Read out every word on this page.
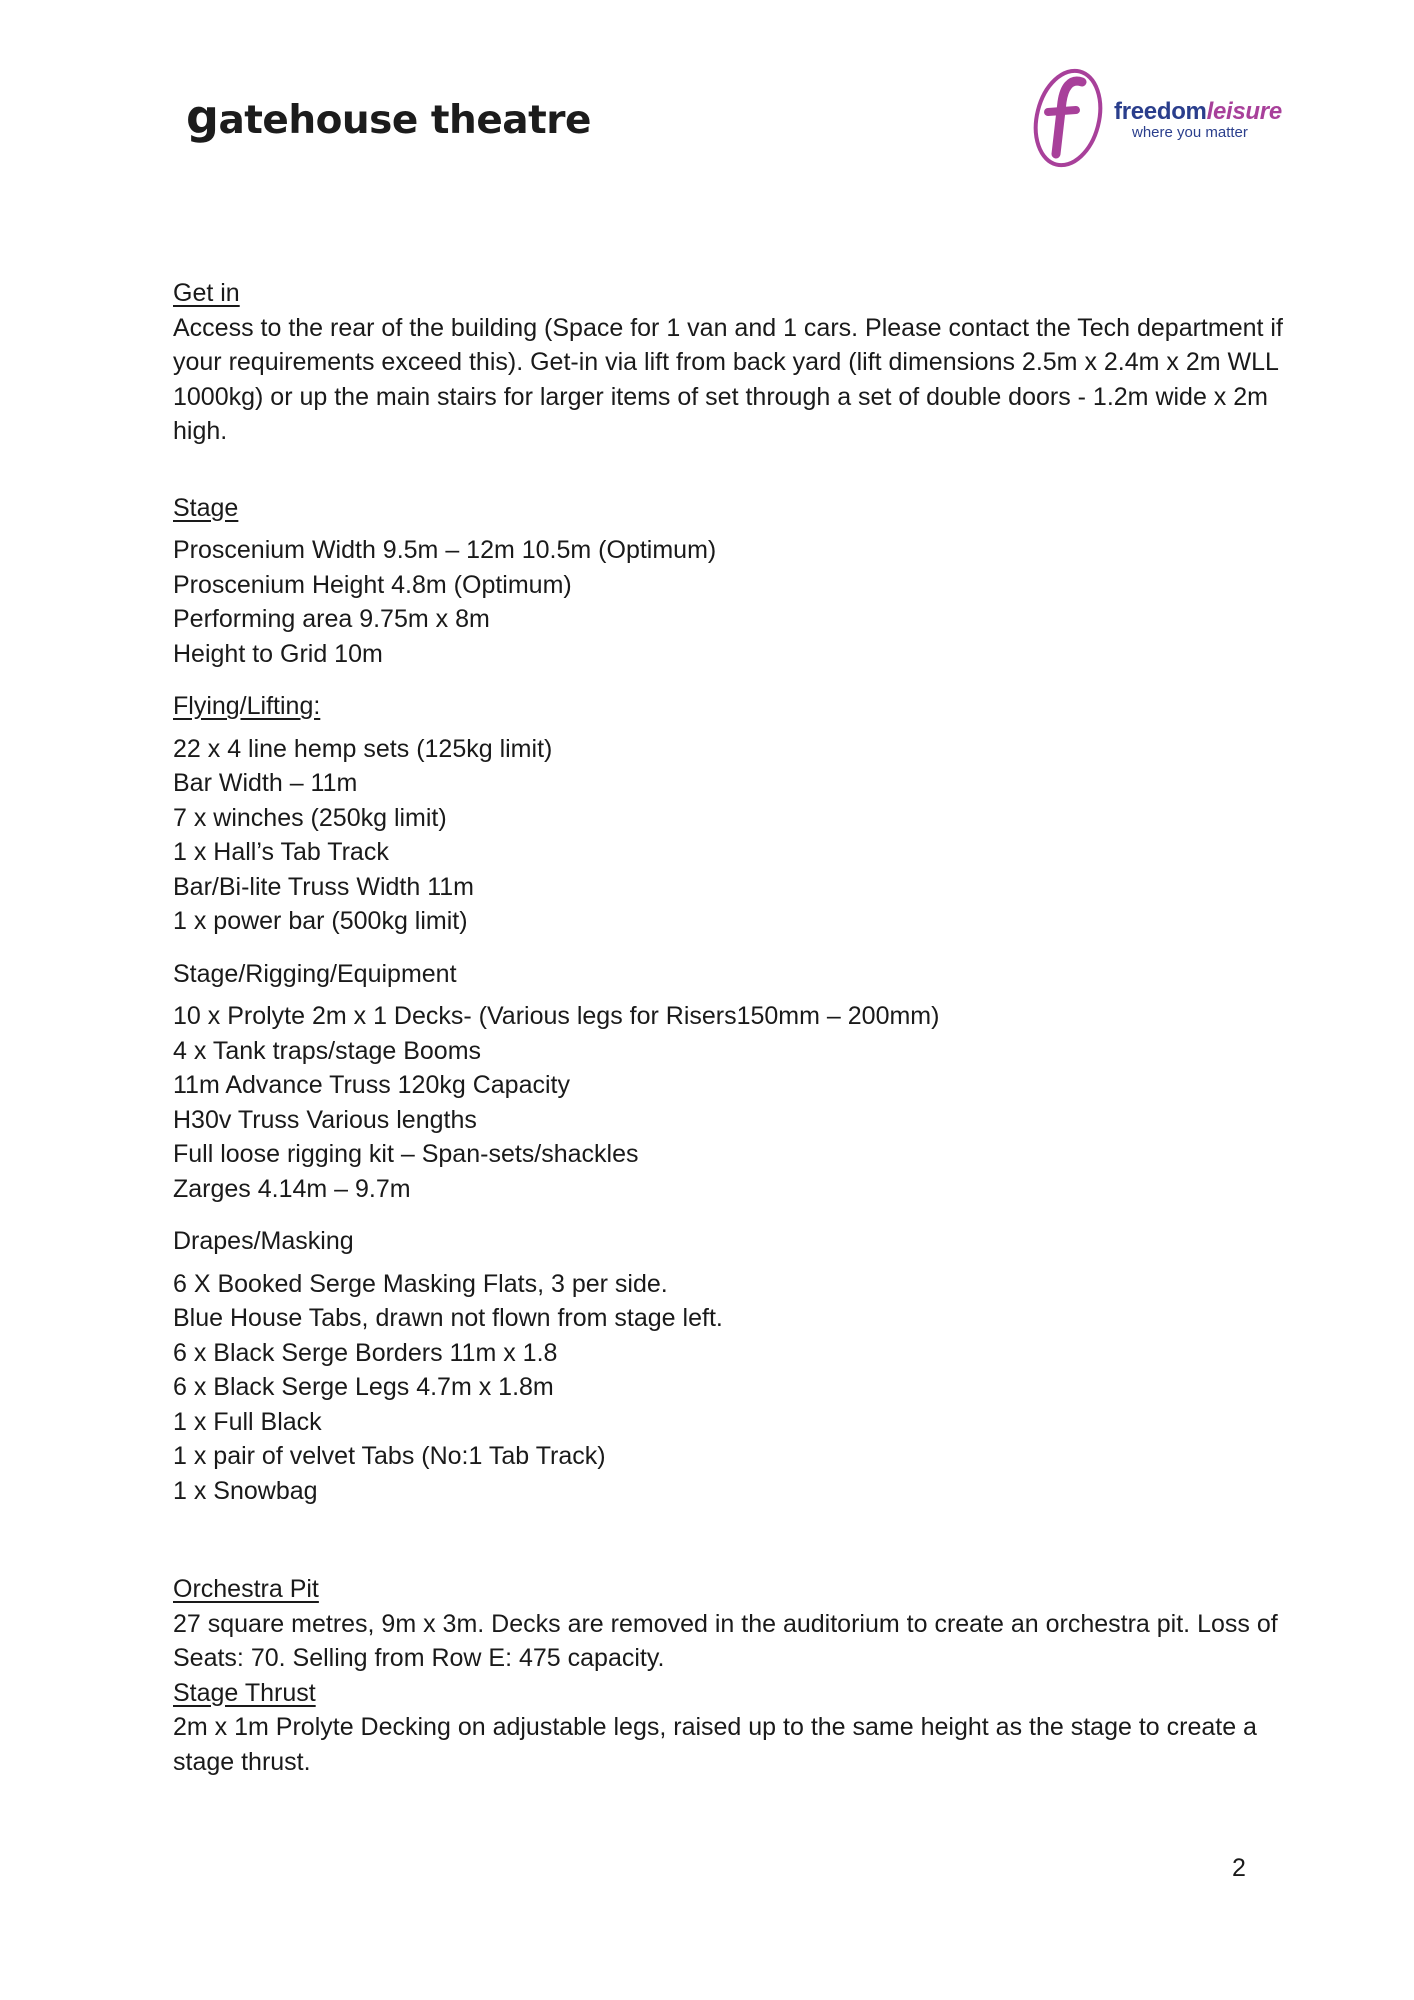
gatehouse theatre	freedomleisure
where you matter
Get in

Access to the rear of the building (Space for 1 van and 1 cars. Please contact the Tech department if your requirements exceed this). Get-in via lift from back yard (lift dimensions 2.5m x 2.4m x 2m WLL 1000kg) or up the main stairs for larger items of set through a set of double doors - 1.2m wide x 2m high.

Stage
Proscenium Width 9.5m – 12m 10.5m (Optimum)
Proscenium Height 4.8m (Optimum)
Performing area 9.75m x 8m
Height to Grid 10m
Flying/Lifting:
22 x 4 line hemp sets (125kg limit)
Bar Width – 11m
7 x winches (250kg limit)
1 x Hall’s Tab Track
Bar/Bi-lite Truss Width 11m
1 x power bar (500kg limit)
Stage/Rigging/Equipment
10 x Prolyte 2m x 1 Decks- (Various legs for Risers150mm – 200mm)
4 x Tank traps/stage Booms
11m Advance Truss 120kg Capacity
H30v Truss Various lengths
Full loose rigging kit – Span-sets/shackles
Zarges 4.14m – 9.7m
Drapes/Masking
6 X Booked Serge Masking Flats, 3 per side.
Blue House Tabs, drawn not flown from stage left.
6 x Black Serge Borders 11m x 1.8
6 x Black Serge Legs 4.7m x 1.8m
1 x Full Black
1 x pair of velvet Tabs (No:1 Tab Track)
1 x Snowbag
Orchestra Pit

27 square metres, 9m x 3m. Decks are removed in the auditorium to create an orchestra pit. Loss of Seats: 70. Selling from Row E: 475 capacity.

Stage Thrust

2m x 1m Prolyte Decking on adjustable legs, raised up to the same height as the stage to create a stage thrust.

2
